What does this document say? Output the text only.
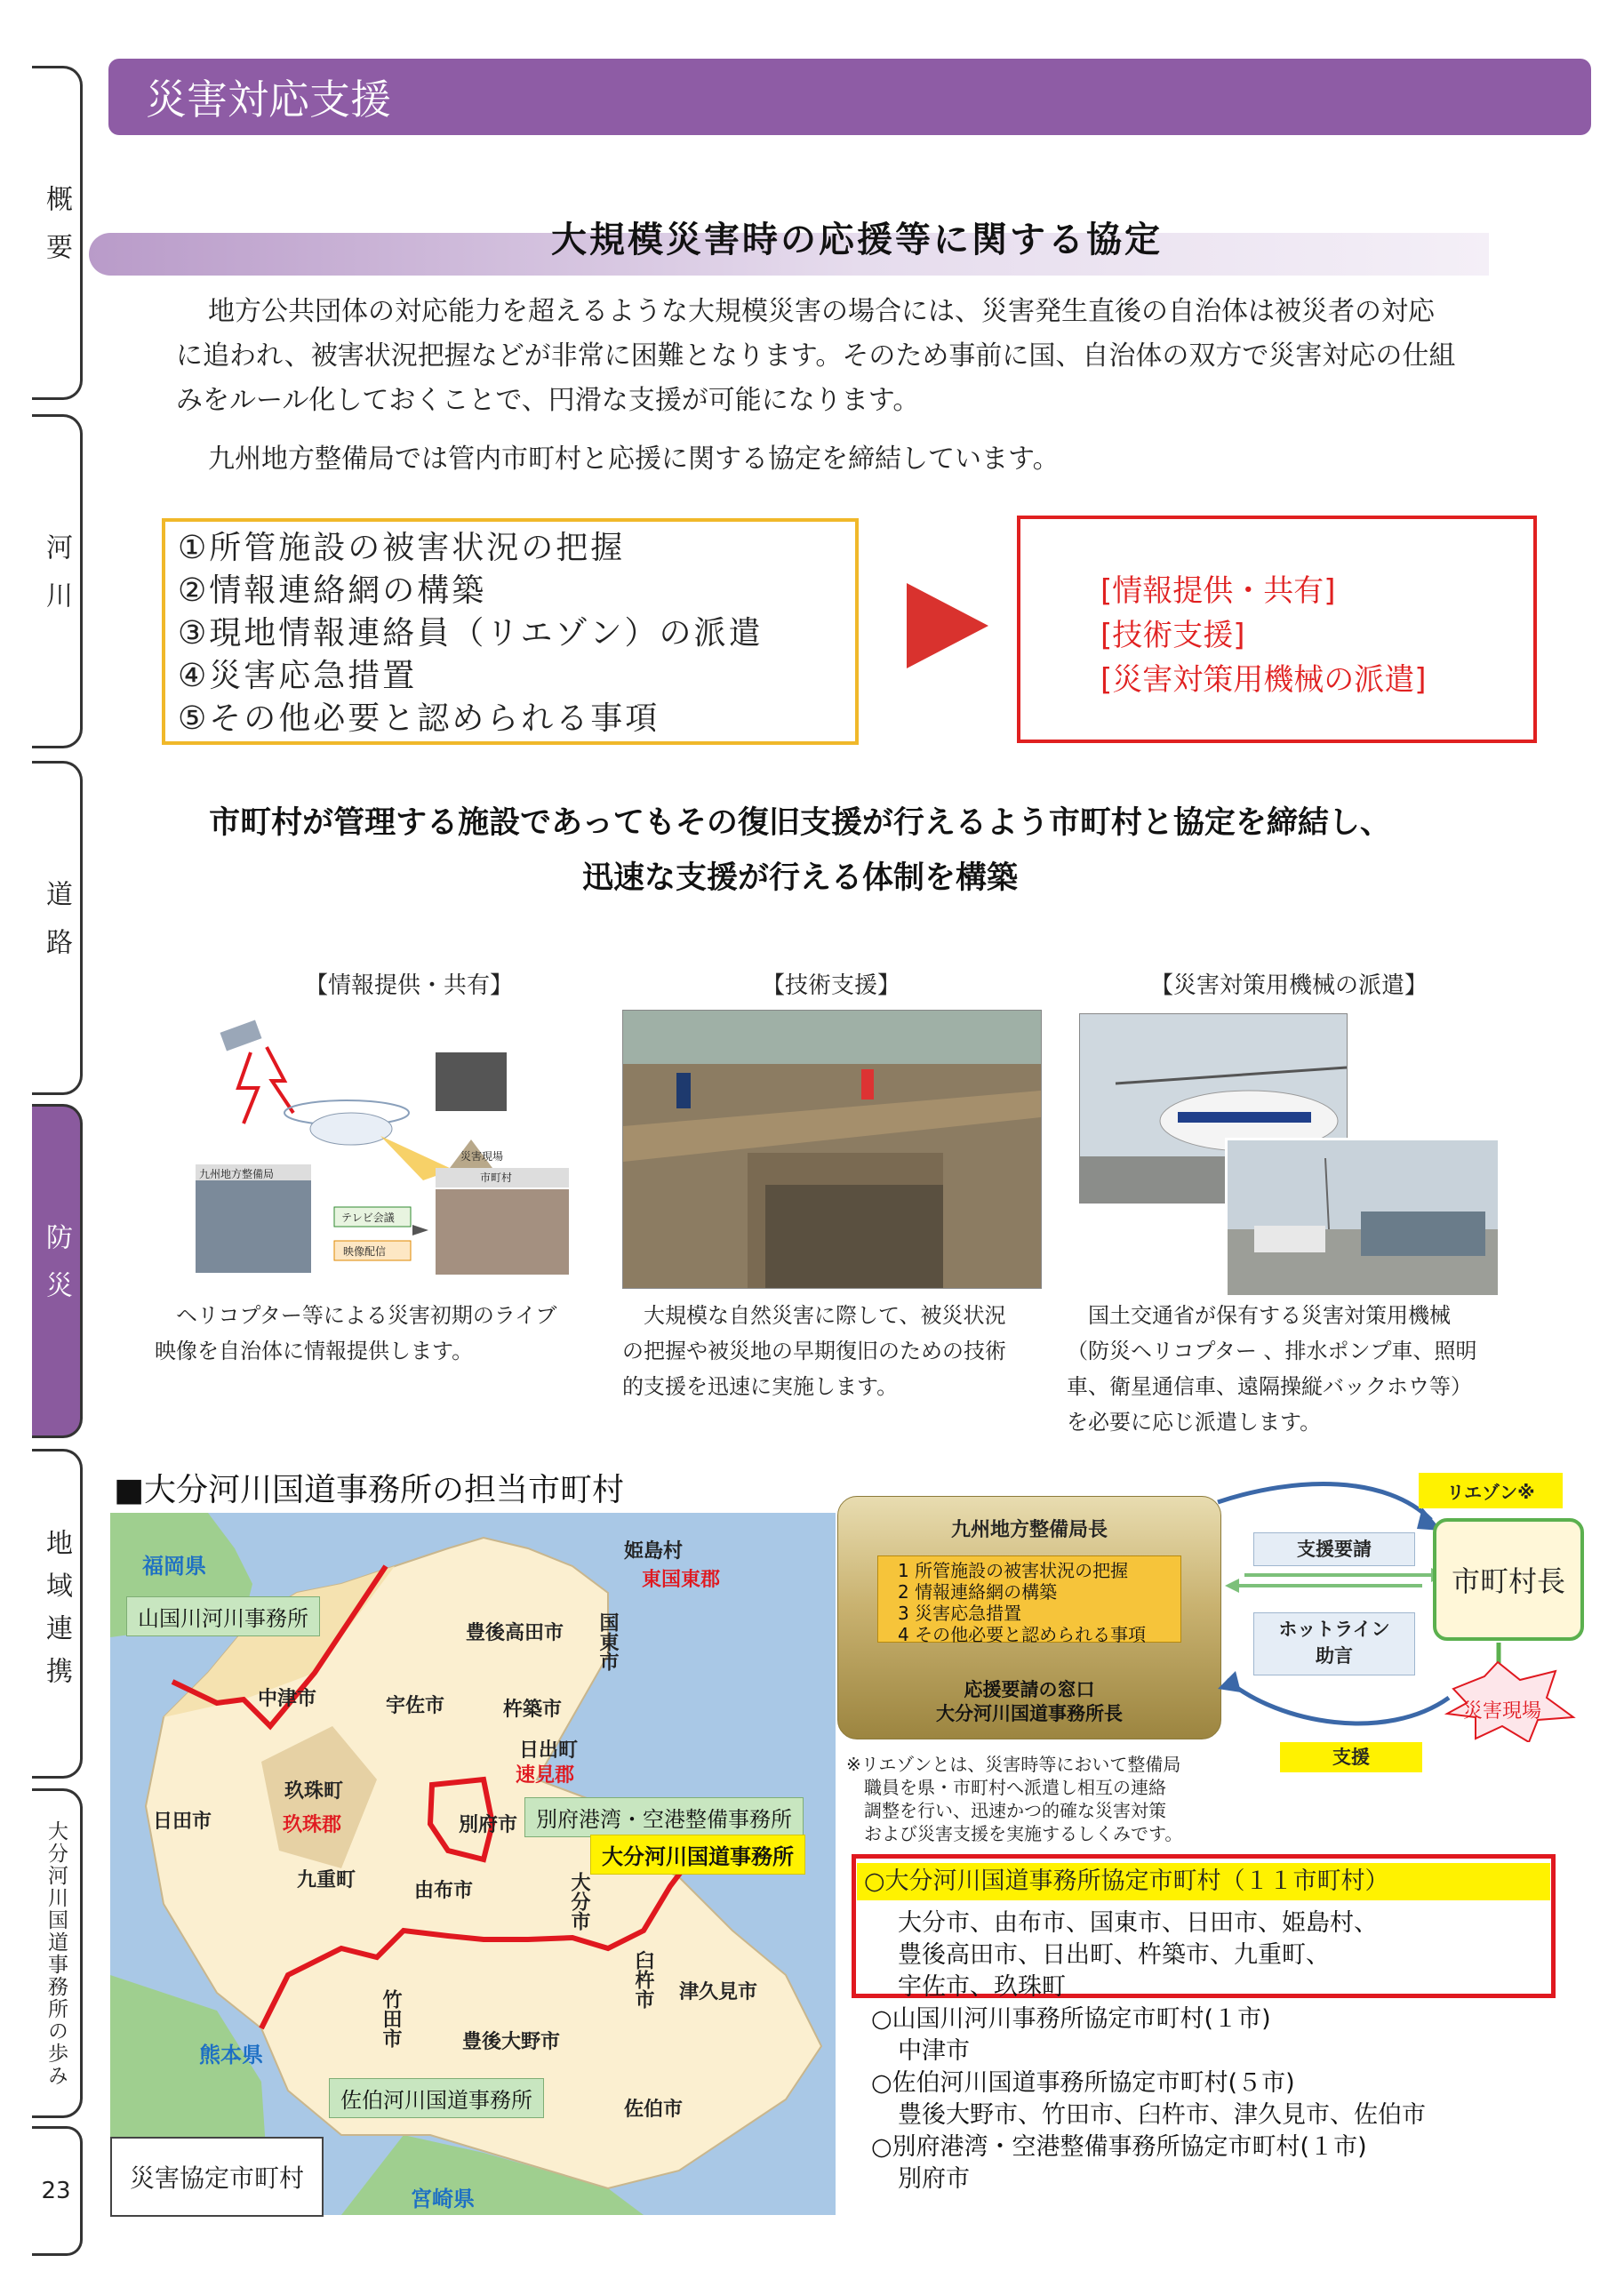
概要
河川
道路
防災
地域連携
大分河川国道事務所の歩み
23
災害対応支援
大規模災害時の応援等に関する協定
地方公共団体の対応能力を超えるような大規模災害の場合には、災害発生直後の自治体は被災者の対応
に追われ、被害状況把握などが非常に困難となります。そのため事前に国、自治体の双方で災害対応の仕組
みをルール化しておくことで、円滑な支援が可能になります。
九州地方整備局では管内市町村と応援に関する協定を締結しています。
①所管施設の被害状況の把握
②情報連絡網の構築
③現地情報連絡員（リエゾン）の派遣
④災害応急措置
⑤その他必要と認められる事項
[情報提供・共有]
[技術支援]
[災害対策用機械の派遣]
市町村が管理する施設であってもその復旧支援が行えるよう市町村と協定を締結し、
迅速な支援が行える体制を構築
【情報提供・共有】	【技術支援】	【災害対策用機械の派遣】
九州地方整備局	市町村
災害現場
テレビ会議
映像配信
　ヘリコプター等による災害初期のライブ
映像を自治体に情報提供します。
　大規模な自然災害に際して、被災状況
の把握や被災地の早期復旧のための技術
的支援を迅速に実施します。
　国土交通省が保有する災害対策用機械
（防災ヘリコプター 、排水ポンプ車、照明
車、衛星通信車、遠隔操縦バックホウ等）
を必要に応じ派遣します。
■大分河川国道事務所の担当市町村
福岡県
熊本県
宮崎県
山国川河川事務所
別府港湾・空港整備事務所
大分河川国道事務所
佐伯河川国道事務所
姫島村
東国東郡
豊後高田市 国東市
中津市	宇佐市	杵築市
日出町
速見郡
玖珠町
玖珠郡
日田市	別府市
九重町	由布市	大分市
臼杵市 津久見市
竹田市	豊後大野市
佐伯市
災害協定市町村
九州地方整備局長
1 所管施設の被害状況の把握
2 情報連絡網の構築
3 災害応急措置
4 その他必要と認められる事項
応援要請の窓口
大分河川国道事務所長
リエゾン※
市町村長
支援要請
ホットライン
助言
支援
災害現場
※リエゾンとは、災害時等において整備局
　職員を県・市町村へ派遣し相互の連絡
　調整を行い、迅速かつ的確な災害対策
　および災害支援を実施するしくみです。
○大分河川国道事務所協定市町村（１１市町村）
大分市、由布市、国東市、日田市、姫島村、
豊後高田市、日出町、杵築市、九重町、
宇佐市、玖珠町
○山国川河川事務所協定市町村(１市)
中津市
○佐伯河川国道事務所協定市町村(５市)
豊後大野市、竹田市、臼杵市、津久見市、佐伯市
○別府港湾・空港整備事務所協定市町村(１市)
別府市
